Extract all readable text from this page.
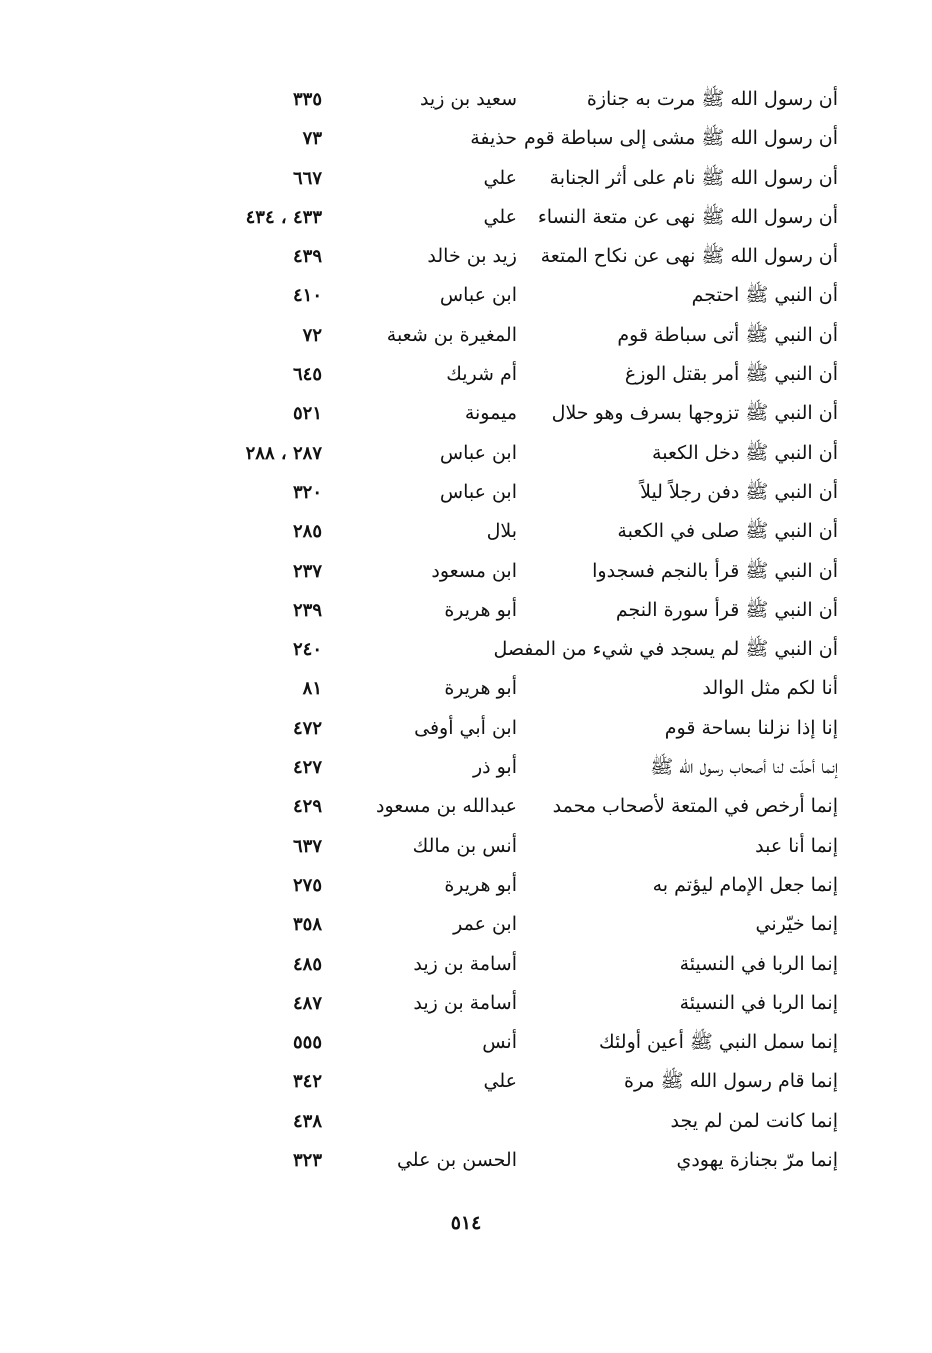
أن رسول الله ﷺ مرت به جنازة
سعيد بن زيد
٣٣٥
أن رسول الله ﷺ مشى إلى سباطة قوم
حذيفة
٧٣
أن رسول الله ﷺ نام على أثر الجنابة
علي
٦٦٧
أن رسول الله ﷺ نهى عن متعة النساء
علي
٤٣٣ ، ٤٣٤
أن رسول الله ﷺ نهى عن نكاح المتعة
زيد بن خالد
٤٣٩
أن النبي ﷺ احتجم
ابن عباس
٤١٠
أن النبي ﷺ أتى سباطة قوم
المغيرة بن شعبة
٧٢
أن النبي ﷺ أمر بقتل الوزغ
أم شريك
٦٤٥
أن النبي ﷺ تزوجها بسرف وهو حلال
ميمونة
٥٢١
أن النبي ﷺ دخل الكعبة
ابن عباس
٢٨٧ ، ٢٨٨
أن النبي ﷺ دفن رجلاً ليلاً
ابن عباس
٣٢٠
أن النبي ﷺ صلى في الكعبة
بلال
٢٨٥
أن النبي ﷺ قرأ بالنجم فسجدوا
ابن مسعود
٢٣٧
أن النبي ﷺ قرأ سورة النجم
أبو هريرة
٢٣٩
أن النبي ﷺ لم يسجد في شيء من المفصل
٢٤٠
أنا لكم مثل الوالد
أبو هريرة
٨١
إنا إذا نزلنا بساحة قوم
ابن أبي أوفى
٤٧٢
إنما أحلّت لنا أصحاب رسول الله ﷺ
أبو ذر
٤٢٧
إنما أرخص في المتعة لأصحاب محمد
عبدالله بن مسعود
٤٢٩
إنما أنا عبد
أنس بن مالك
٦٣٧
إنما جعل الإمام ليؤتم به
أبو هريرة
٢٧٥
إنما خيّرني
ابن عمر
٣٥٨
إنما الربا في النسيئة
أسامة بن زيد
٤٨٥
إنما الربا في النسيئة
أسامة بن زيد
٤٨٧
إنما سمل النبي ﷺ أعين أولئك
أنس
٥٥٥
إنما قام رسول الله ﷺ مرة
علي
٣٤٢
إنما كانت لمن لم يجد
٤٣٨
إنما مرّ بجنازة يهودي
الحسن بن علي
٣٢٣
٥١٤
